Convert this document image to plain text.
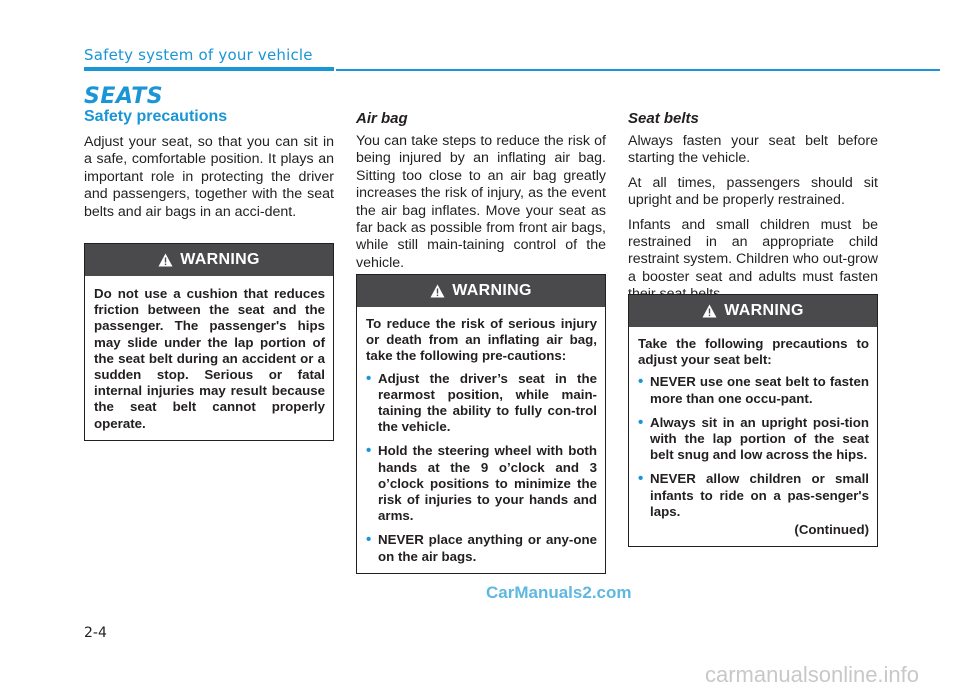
Safety system of your vehicle
SEATS
Safety precautions

Adjust your seat, so that you can sit in a safe, comfortable position. It plays an important role in protecting the driver and passengers, together with the seat belts and air bags in an acci-dent.

WARNING

Do not use a cushion that reduces friction between the seat and the passenger. The passenger's hips may slide under the lap portion of the seat belt during an accident or a sudden stop. Serious or fatal internal injuries may result because the seat belt cannot properly operate.

Air bag

You can take steps to reduce the risk of being injured by an inflating air bag. Sitting too close to an air bag greatly increases the risk of injury, as the event the air bag inflates. Move your seat as far back as possible from front air bags, while still main-taining control of the vehicle.

WARNING

To reduce the risk of serious injury or death from an inflating air bag, take the following pre-cautions:

• Adjust the driver’s seat in the rearmost position, while main-taining the ability to fully con-trol the vehicle.
• Hold the steering wheel with both hands at the 9 o’clock and 3 o’clock positions to minimize the risk of injuries to your hands and arms.
• NEVER place anything or any-one on the air bags.
Seat belts

Always fasten your seat belt before starting the vehicle.

At all times, passengers should sit upright and be properly restrained.

Infants and small children must be restrained in an appropriate child restraint system. Children who out-grow a booster seat and adults must fasten

WARNING

Take the following precautions to adjust your seat belt:

• NEVER use one seat belt to fasten more than one occu-pant.
• Always sit in an upright posi-tion with the lap portion of the seat belt snug and low across the hips.
• NEVER allow children or small infants to ride on a pas-senger's laps.
(Continued)
2-4
CarManuals2.com
carmanualsonline.info
